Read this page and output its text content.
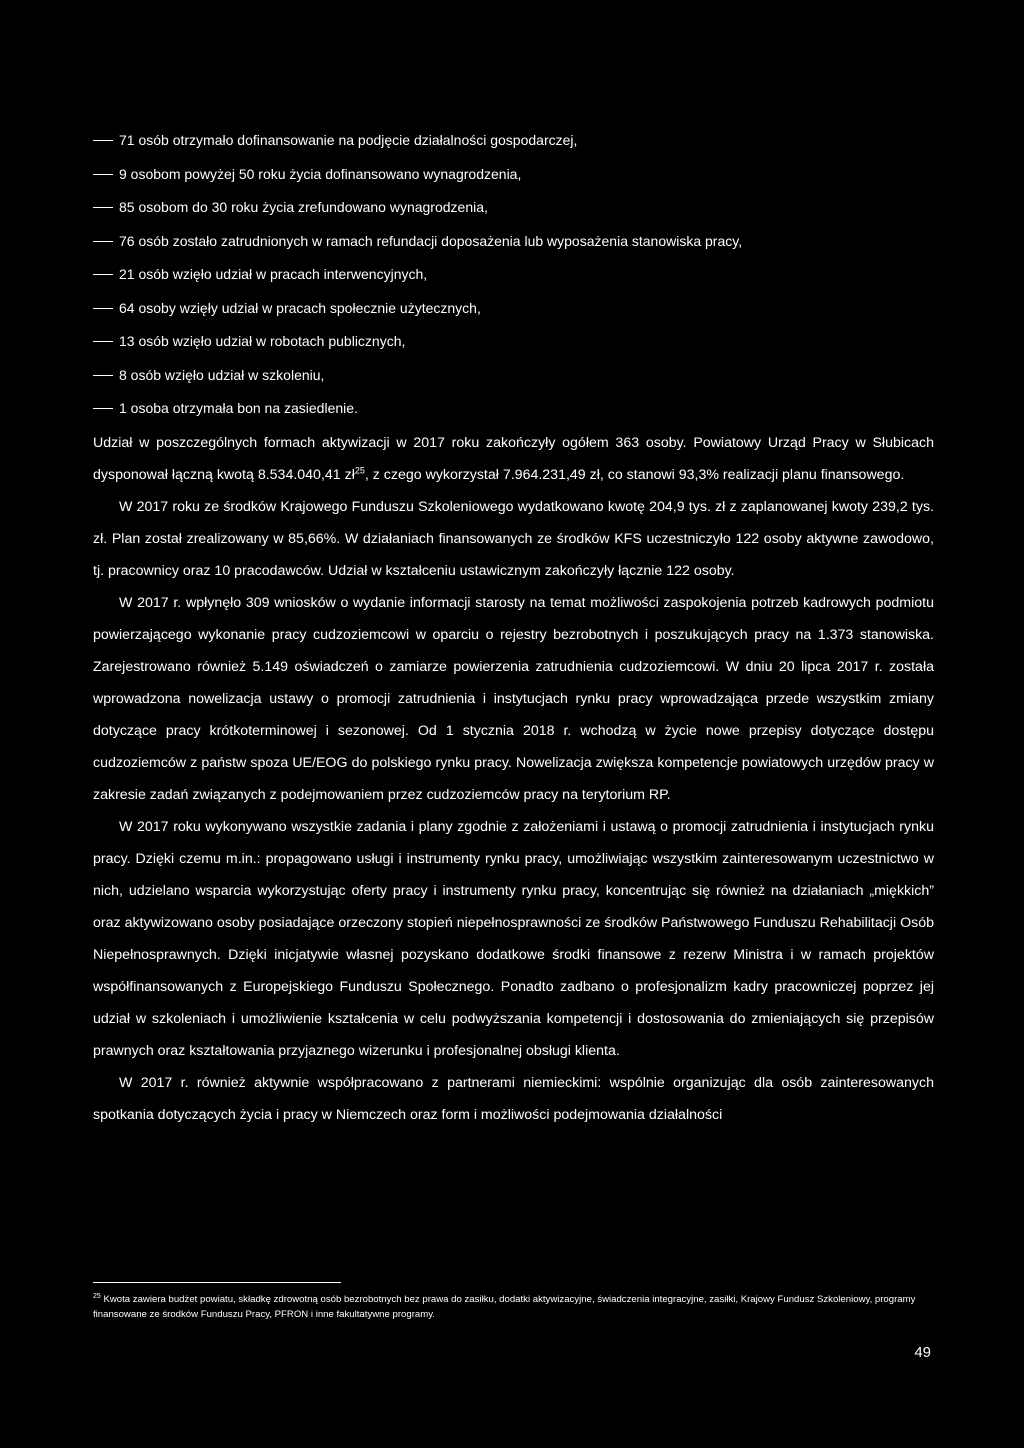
71 osób otrzymało dofinansowanie na podjęcie działalności gospodarczej,
9 osobom powyżej 50 roku życia dofinansowano wynagrodzenia,
85 osobom do 30 roku życia zrefundowano wynagrodzenia,
76 osób zostało zatrudnionych w ramach refundacji doposażenia lub wyposażenia stanowiska pracy,
21 osób wzięło udział w pracach interwencyjnych,
64 osoby wzięły udział w pracach społecznie użytecznych,
13 osób wzięło udział w robotach publicznych,
8 osób wzięło udział w szkoleniu,
1 osoba otrzymała bon na zasiedlenie.

Udział w poszczególnych formach aktywizacji w 2017 roku zakończyły ogółem 363 osoby. Powiatowy Urząd Pracy w Słubicach dysponował łączną kwotą 8.534.040,41 $zł^{25}$, z czego wykorzystał 7.964.231,49 zł, co stanowi 93,3% realizacji planu finansowego.

W 2017 roku ze środków Krajowego Funduszu Szkoleniowego wydatkowano kwotę 204,9 tys. zł z zaplanowanej kwoty 239,2 tys. zł. Plan został zrealizowany w 85,66%. W działaniach finansowanych ze środków KFS uczestniczyło 122 osoby aktywne zawodowo, tj. pracownicy oraz 10 pracodawców. Udział w kształceniu ustawicznym zakończyły łącznie 122 osoby.

W 2017 r. wpłynęło 309 wniosków o wydanie informacji starosty na temat możliwości zaspokojenia potrzeb kadrowych podmiotu powierzającego wykonanie pracy cudzoziemcowi w oparciu o rejestry bezrobotnych i poszukujących pracy na 1.373 stanowiska. Zarejestrowano również 5.149 oświadczeń o zamiarze powierzenia zatrudnienia cudzoziemcowi. W dniu 20 lipca 2017 r. została wprowadzona nowelizacja ustawy o promocji zatrudnienia i instytucjach rynku pracy wprowadzająca przede wszystkim zmiany dotyczące pracy krótkoterminowej i sezonowej. Od 1 stycznia 2018 r. wchodzą w życie nowe przepisy dotyczące dostępu cudzoziemców z państw spoza UE/EOG do polskiego rynku pracy. Nowelizacja zwiększa kompetencje powiatowych urzędów pracy w zakresie zadań związanych z podejmowaniem przez cudzoziemców pracy na terytorium RP.

W 2017 roku wykonywano wszystkie zadania i plany zgodnie z założeniami i ustawą o promocji zatrudnienia i instytucjach rynku pracy. Dzięki czemu m.in.: propagowano usługi i instrumenty rynku pracy, umożliwiając wszystkim zainteresowanym uczestnictwo w nich, udzielano wsparcia wykorzystując oferty pracy i instrumenty rynku pracy, koncentrując się również na działaniach „miękkich” oraz aktywizowano osoby posiadające orzeczony stopień niepełnosprawności ze środków Państwowego Funduszu Rehabilitacji Osób Niepełnosprawnych. Dzięki inicjatywie własnej pozyskano dodatkowe środki finansowe z rezerw Ministra i w ramach projektów współfinansowanych z Europejskiego Funduszu Społecznego. Ponadto zadbano o profesjonalizm kadry pracowniczej poprzez jej udział w szkoleniach i umożliwienie kształcenia w celu podwyższania kompetencji i dostosowania do zmieniających się przepisów prawnych oraz kształtowania przyjaznego wizerunku i profesjonalnej obsługi klienta.

W 2017 r. również aktywnie współpracowano z partnerami niemieckimi: wspólnie organizując dla osób zainteresowanych spotkania dotyczących życia i pracy w Niemczech oraz form i możliwości podejmowania działalności

$^{25}$ Kwota zawiera budżet powiatu, składkę zdrowotną osób bezrobotnych bez prawa do zasiłku, dodatki aktywizacyjne, świadczenia integracyjne, zasiłki, Krajowy Fundusz Szkoleniowy, programy finansowane ze środków Funduszu Pracy, PFRON i inne fakultatywne programy.
49
